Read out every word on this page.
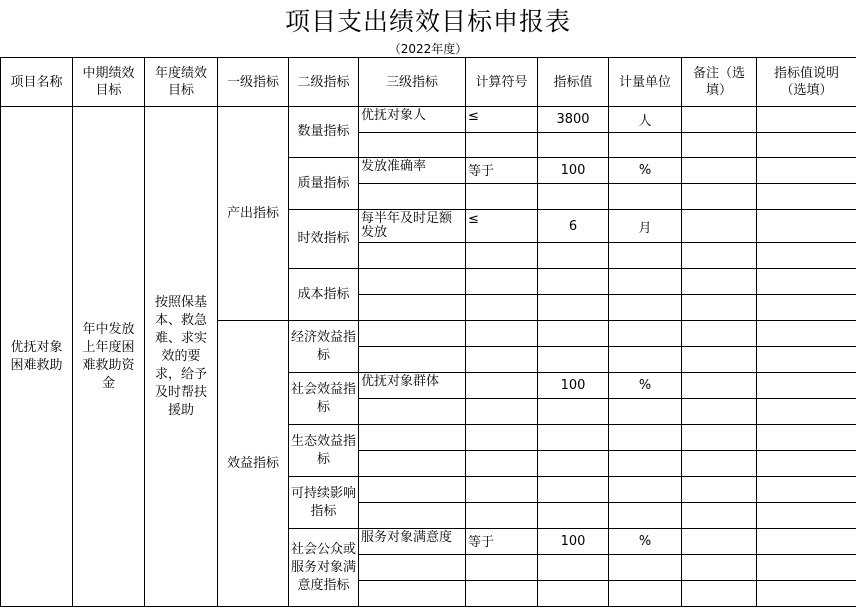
项目支出绩效目标申报表
（2022年度）
项目名称	中期绩效目标	年度绩效目标	一级指标	二级指标	三级指标	计算符号	指标值	计量单位	备注（选填）	指标值说明（选填）
优抚对象困难救助	年中发放上年度困难救助资金	按照保基本、救急难、求实效的要求，给予及时帮扶援助	产出指标	数量指标	优抚对象人	≤	3800	人		

				质量指标	发放准确率	等于	100	%		

				时效指标	每半年及时足额发放	≤	6	月		

				成本指标						

			效益指标	经济效益指标						

				社会效益指标	优抚对象群体		100	%		

				生态效益指标						

				可持续影响指标						

				社会公众或服务对象满意度指标	服务对象满意度	等于	100	%		
